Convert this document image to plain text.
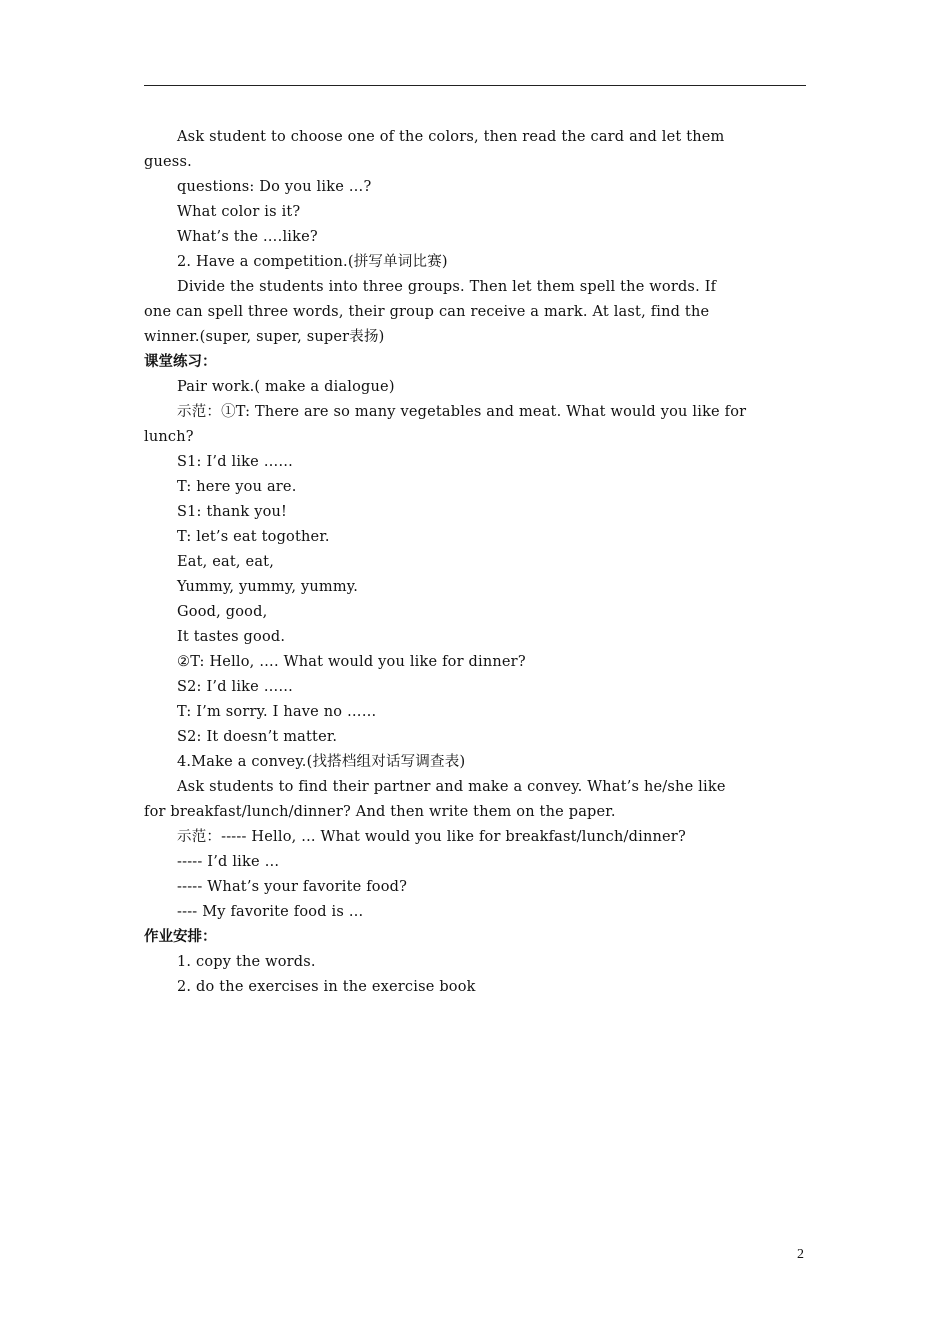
Ask student to choose one of the colors, then read the card and let them
guess.
questions: Do you like …?
What color is it?
What’s the ….like?
2. Have a competition.(拼写单词比赛)
Divide the students into three groups. Then let them spell the words. If
one can spell three words, their group can receive a mark. At last, find the
winner.(super, super, super表扬)
课堂练习：
Pair work.( make a dialogue)
示范：①T: There are so many vegetables and meat. What would you like for
lunch?
S1: I’d like ……
T: here you are.
S1: thank you!
T: let’s eat togother.
Eat, eat, eat,
Yummy, yummy, yummy.
Good, good,
It tastes good.
②T: Hello, …. What would you like for dinner?
S2: I’d like ……
T: I’m sorry. I have no ……
S2: It doesn’t matter.
4.Make a convey.(找搭档组对话写调查表)
Ask students to find their partner and make a convey. What’s he/she like
for breakfast/lunch/dinner? And then write them on the paper.
示范：----- Hello, ... What would you like for breakfast/lunch/dinner?
----- I’d like …
----- What’s your favorite food?
---- My favorite food is …
作业安排：
1. copy the words.
2. do the exercises in the exercise book
2
